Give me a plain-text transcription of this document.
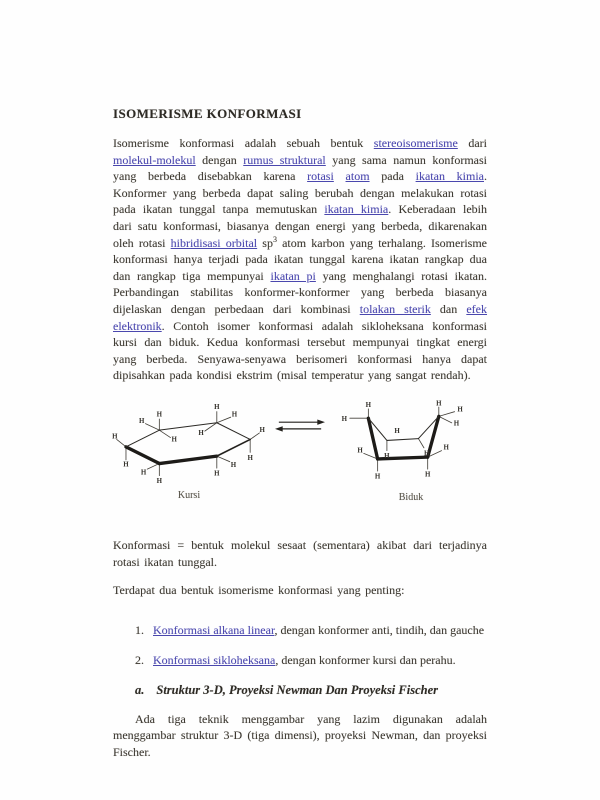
ISOMERISME KONFORMASI

Isomerisme konformasi adalah sebuah bentuk stereoisomerisme dari molekul-molekul dengan rumus struktural yang sama namun konformasi yang berbeda disebabkan karena rotasi atom pada ikatan kimia. Konformer yang berbeda dapat saling berubah dengan melakukan rotasi pada ikatan tunggal tanpa memutuskan ikatan kimia. Keberadaan lebih dari satu konformasi, biasanya dengan energi yang berbeda, dikarenakan oleh rotasi hibridisasi orbital $sp^3$ atom karbon yang terhalang. Isomerisme konformasi hanya terjadi pada ikatan tunggal karena ikatan rangkap dua dan rangkap tiga mempunyai ikatan pi yang menghalangi rotasi ikatan. Perbandingan stabilitas konformer-konformer yang berbeda biasanya dijelaskan dengan perbedaan dari kombinasi tolakan sterik dan efek elektronik. Contoh isomer konformasi adalah sikloheksana konformasi kursi dan biduk. Kedua konformasi tersebut mempunyai tingkat energi yang berbeda. Senyawa-senyawa berisomeri konformasi hanya dapat dipisahkan pada kondisi ekstrim (misal temperatur yang sangat rendah).

H
H
H
H
H
H
H
H
H
H	H
H
H
H
Kursi
H
H
H
H
H
H
H
H
H
H
H
H
Biduk

Konformasi = bentuk molekul sesaat (sementara) akibat dari terjadinya rotasi ikatan tunggal.

Terdapat dua bentuk isomerisme konformasi yang penting:

1. Konformasi alkana linear, dengan konformer anti, tindih, dan gauche
2. Konformasi sikloheksana, dengan konformer kursi dan perahu.
a. Struktur 3-D, Proyeksi Newman Dan Proyeksi Fischer

Ada tiga teknik menggambar yang lazim digunakan adalah menggambar struktur 3-D (tiga dimensi), proyeksi Newman, dan proyeksi Fischer.
